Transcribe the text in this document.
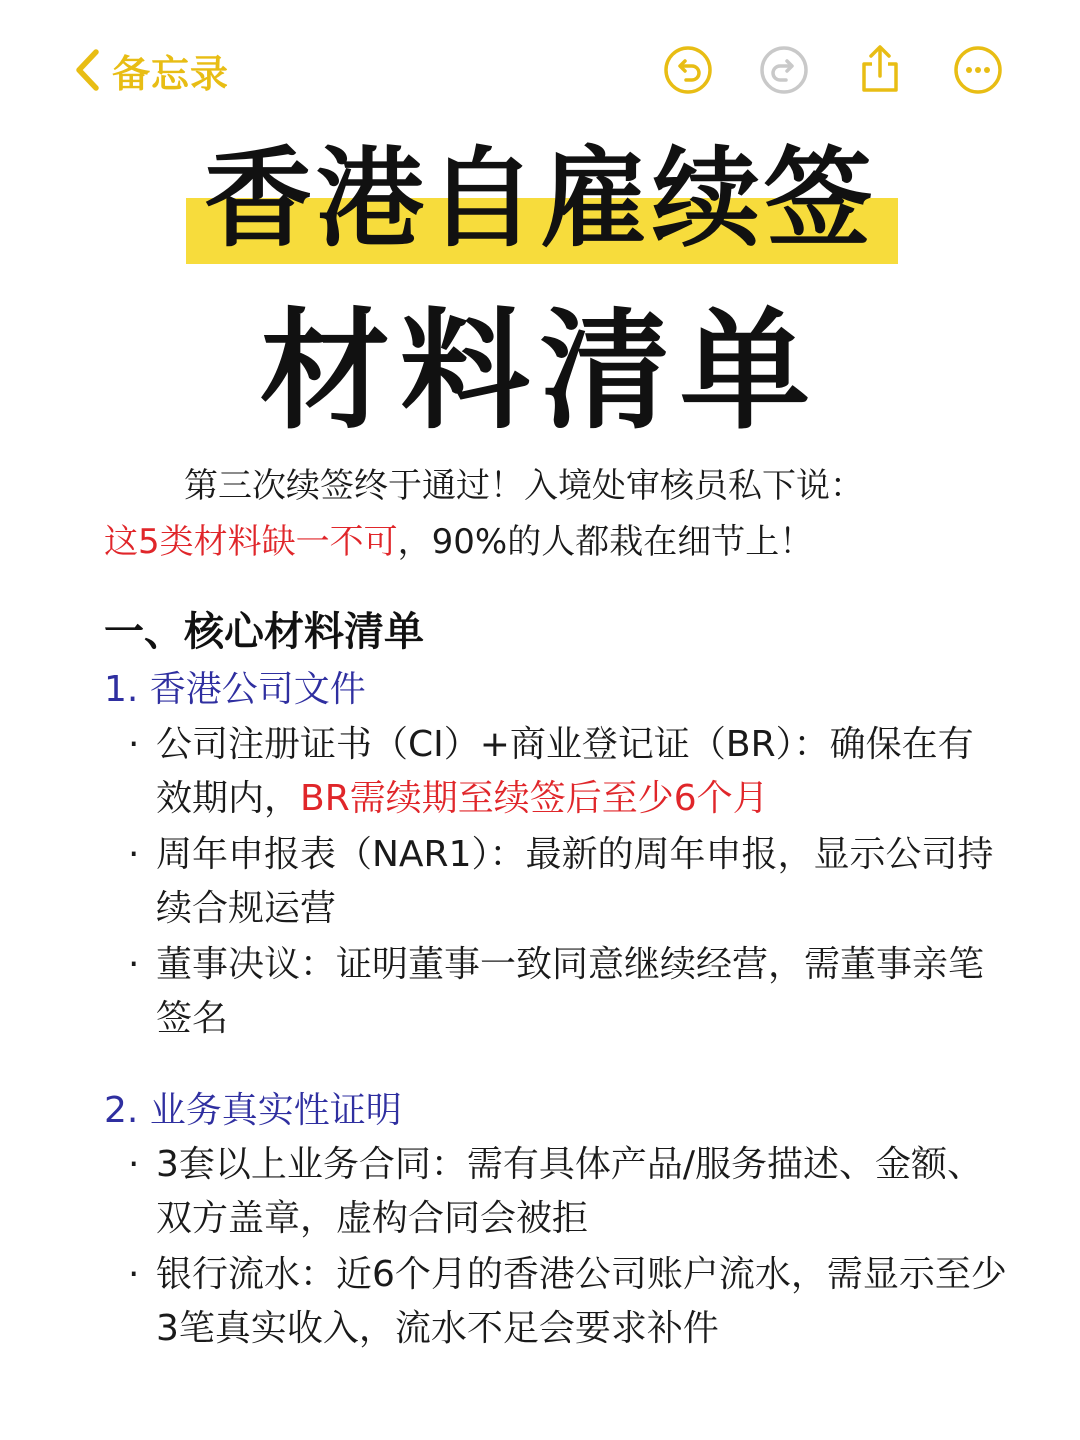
备忘录
香港自雇续签
材料清单
第三次续签终于通过！入境处审核员私下说：
这5类材料缺一不可，90%的人都栽在细节上！
一、核心材料清单
1. 香港公司文件
· 公司注册证书（CI）+商业登记证（BR）：确保在有效期内，BR需续期至续签后至少6个月
· 周年申报表（NAR1）：最新的周年申报，显示公司持续合规运营
· 董事决议：证明董事一致同意继续经营，需董事亲笔签名
2. 业务真实性证明
· 3套以上业务合同：需有具体产品/服务描述、金额、双方盖章，虚构合同会被拒
· 银行流水：近6个月的香港公司账户流水，需显示至少3笔真实收入，流水不足会要求补件
